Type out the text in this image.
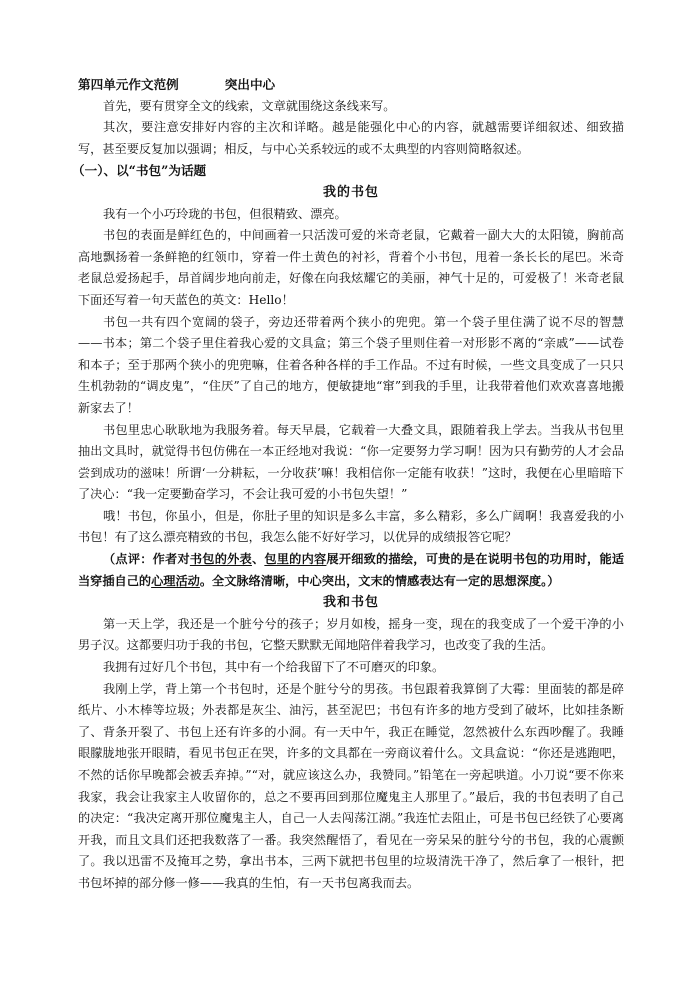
第四单元作文范例	突出中心

首先，要有贯穿全文的线索，文章就围绕这条线来写。

其次，要注意安排好内容的主次和详略。越是能强化中心的内容，就越需要详细叙述、细致描写，甚至要反复加以强调；相反，与中心关系较远的或不太典型的内容则简略叙述。

（一）、以“书包”为话题

我的书包

我有一个小巧玲珑的书包，但很精致、漂亮。

书包的表面是鲜红色的，中间画着一只活泼可爱的米奇老鼠，它戴着一副大大的太阳镜，胸前高高地飘扬着一条鲜艳的红领巾，穿着一件土黄色的衬衫，背着个小书包，甩着一条长长的尾巴。米奇老鼠总爱扬起手，昂首阔步地向前走，好像在向我炫耀它的美丽，神气十足的，可爱极了！米奇老鼠下面还写着一句天蓝色的英文：Hello！

书包一共有四个宽阔的袋子，旁边还带着两个狭小的兜兜。第一个袋子里住满了说不尽的智慧——书本；第二个袋子里住着我心爱的文具盒；第三个袋子里则住着一对形影不离的“亲戚”——试卷和本子；至于那两个狭小的兜兜嘛，住着各种各样的手工作品。不过有时候，一些文具变成了一只只生机勃勃的“调皮鬼”，“住厌”了自己的地方，便敏捷地“窜”到我的手里，让我带着他们欢欢喜喜地搬新家去了！

书包里忠心耿耿地为我服务着。每天早晨，它载着一大叠文具，跟随着我上学去。当我从书包里抽出文具时，就觉得书包仿佛在一本正经地对我说：“你一定要努力学习啊！因为只有勤劳的人才会品尝到成功的滋味！所谓‘一分耕耘，一分收获’嘛！我相信你一定能有收获！”这时，我便在心里暗暗下了决心：“我一定要勤奋学习，不会让我可爱的小书包失望！”

哦！书包，你虽小，但是，你肚子里的知识是多么丰富，多么精彩，多么广阔啊！我喜爱我的小书包！有了这么漂亮精致的书包，我怎么能不好好学习，以优异的成绩报答它呢？

（点评：作者对书包的外表、包里的内容展开细致的描绘，可贵的是在说明书包的功用时，能适当穿插自己的心理活动。全文脉络清晰，中心突出，文末的情感表达有一定的思想深度。）

我和书包

第一天上学，我还是一个脏兮兮的孩子；岁月如梭，摇身一变，现在的我变成了一个爱干净的小男子汉。这都要归功于我的书包，它整天默默无闻地陪伴着我学习，也改变了我的生活。

我拥有过好几个书包，其中有一个给我留下了不可磨灭的印象。

我刚上学，背上第一个书包时，还是个脏兮兮的男孩。书包跟着我算倒了大霉：里面装的都是碎纸片、小木棒等垃圾；外表都是灰尘、油污，甚至泥巴；书包有许多的地方受到了破坏，比如挂条断了、背条开裂了、书包上还有许多的小洞。有一天中午，我正在睡觉，忽然被什么东西吵醒了。我睡眼朦胧地张开眼睛，看见书包正在哭，许多的文具都在一旁商议着什么。文具盒说：“你还是逃跑吧，不然的话你早晚都会被丢弃掉。”“对，就应该这么办，我赞同。”铅笔在一旁起哄道。小刀说“要不你来我家，我会让我家主人收留你的，总之不要再回到那位魔鬼主人那里了。”最后，我的书包表明了自己的决定：“我决定离开那位魔鬼主人，自己一人去闯荡江湖。”我连忙去阻止，可是书包已经铁了心要离开我，而且文具们还把我数落了一番。我突然醒悟了，看见在一旁呆呆的脏兮兮的书包，我的心震颤了。我以迅雷不及掩耳之势，拿出书本，三两下就把书包里的垃圾清洗干净了，然后拿了一根针，把书包坏掉的部分修一修——我真的生怕，有一天书包离我而去。
